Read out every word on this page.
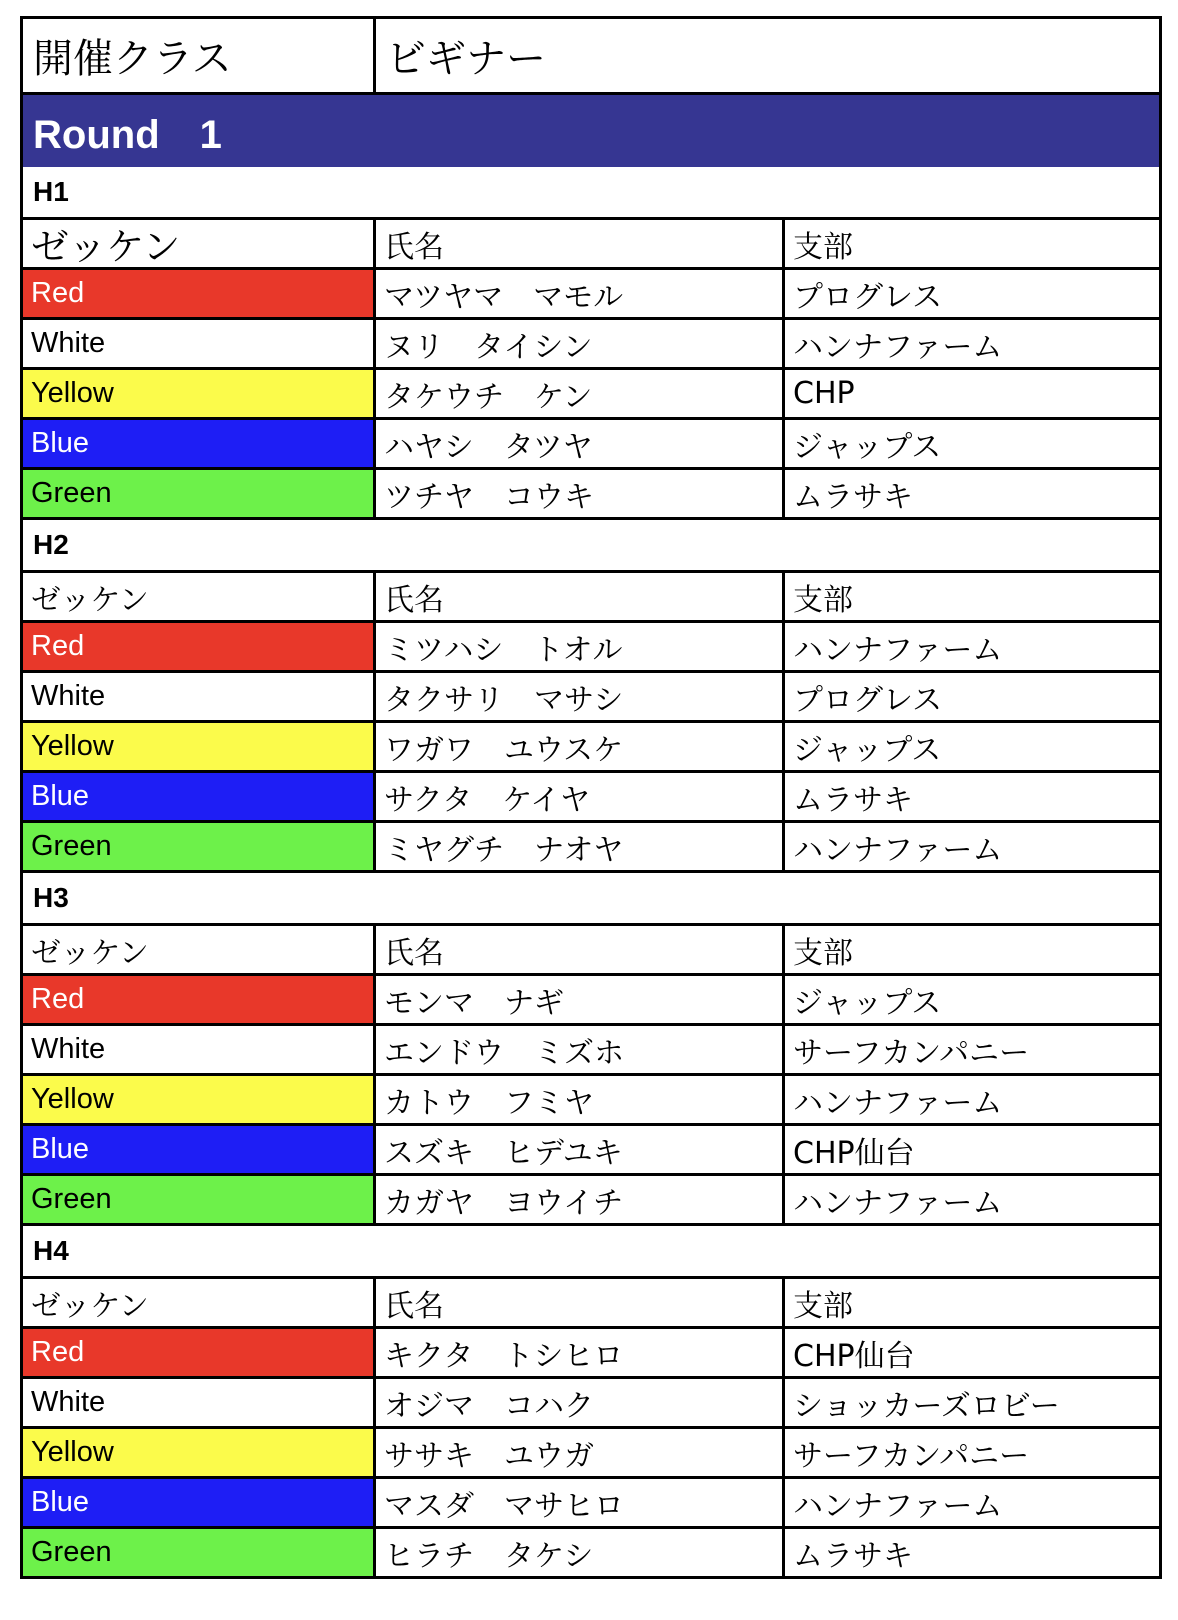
開催クラス	ビギナー
Round　1
H1
ゼッケン	氏名	支部
Red	マツヤマ　マモル	プログレス
White	ヌリ　タイシン	ハンナファーム
Yellow	タケウチ　ケン	CHP
Blue	ハヤシ　タツヤ	ジャップス
Green	ツチヤ　コウキ	ムラサキ
H2
ゼッケン	氏名	支部
Red	ミツハシ　トオル	ハンナファーム
White	タクサリ　マサシ	プログレス
Yellow	ワガワ　ユウスケ	ジャップス
Blue	サクタ　ケイヤ	ムラサキ
Green	ミヤグチ　ナオヤ	ハンナファーム
H3
ゼッケン	氏名	支部
Red	モンマ　ナギ	ジャップス
White	エンドウ　ミズホ	サーフカンパニー
Yellow	カトウ　フミヤ	ハンナファーム
Blue	スズキ　ヒデユキ	CHP仙台
Green	カガヤ　ヨウイチ	ハンナファーム
H4
ゼッケン	氏名	支部
Red	キクタ　トシヒロ	CHP仙台
White	オジマ　コハク	ショッカーズロビー
Yellow	ササキ　ユウガ	サーフカンパニー
Blue	マスダ　マサヒロ	ハンナファーム
Green	ヒラチ　タケシ	ムラサキ
